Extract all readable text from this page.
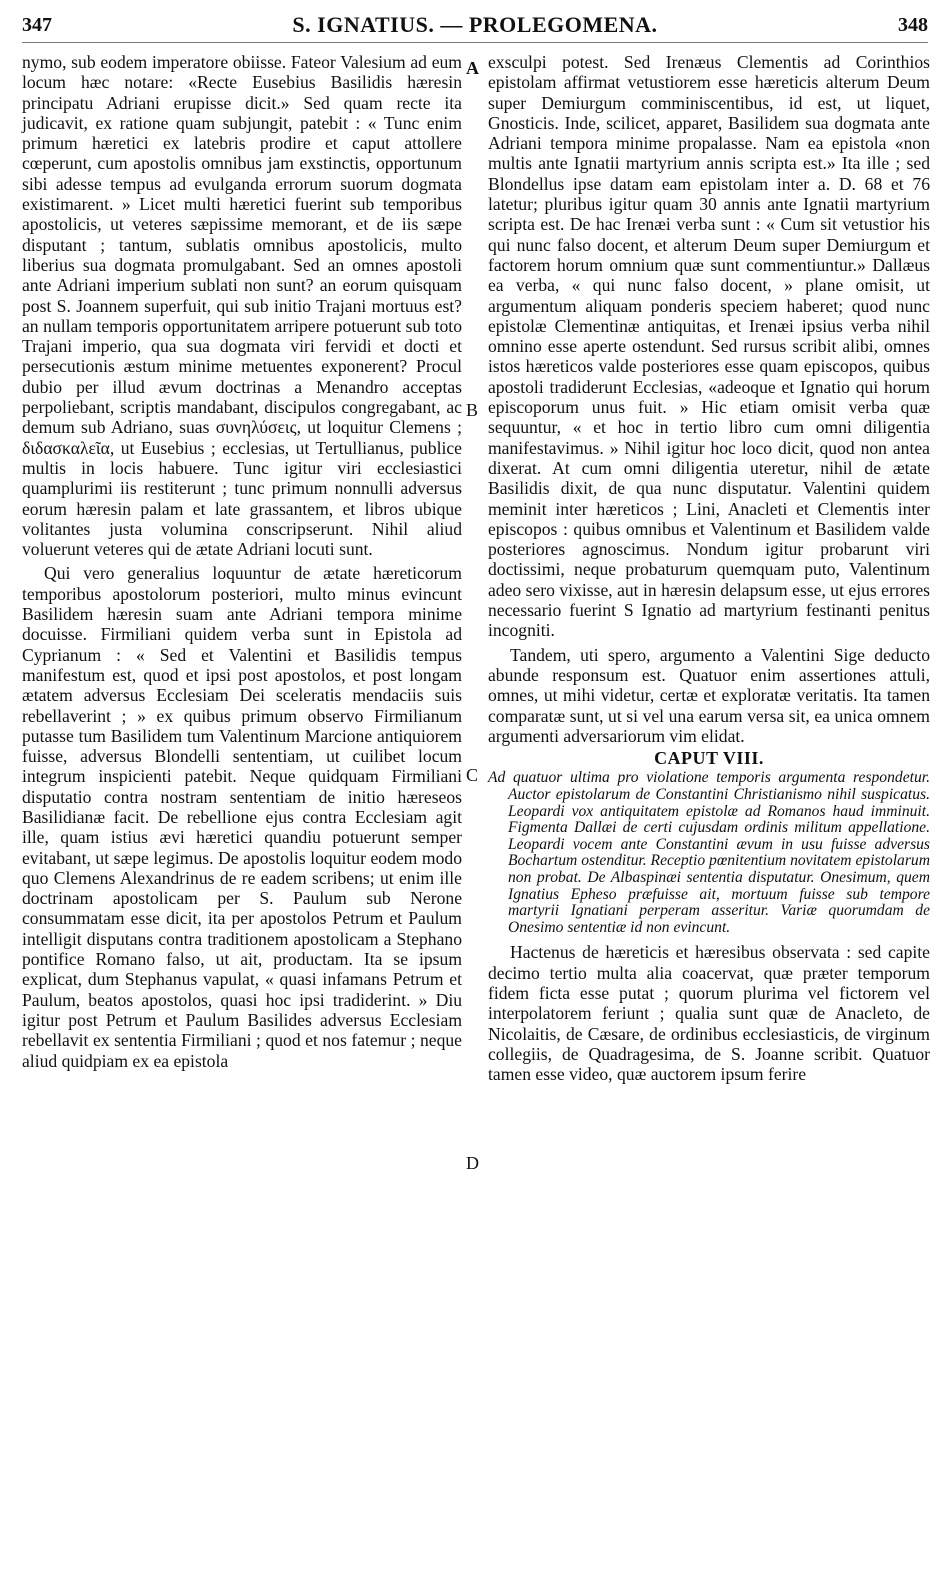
347	S. IGNATIUS. — PROLEGOMENA.	348
A
B
C
D

nymo, sub eodem imperatore obiisse. Fateor Valesium ad eum locum hæc notare: «Recte Eusebius Basilidis hæresin principatu Adriani erupisse dicit.» Sed quam recte ita judicavit, ex ratione quam subjungit, patebit : « Tunc enim primum hæretici ex latebris prodire et caput attollere cœperunt, cum apostolis omnibus jam exstinctis, opportunum sibi adesse tempus ad evulganda errorum suorum dogmata existimarent. » Licet multi hæretici fuerint sub temporibus apostolicis, ut veteres sæpissime memorant, et de iis sæpe disputant ; tantum, sublatis omnibus apostolicis, multo liberius sua dogmata promulgabant. Sed an omnes apostoli ante Adriani imperium sublati non sunt? an eorum quisquam post S. Joannem superfuit, qui sub initio Trajani mortuus est? an nullam temporis opportunitatem arripere potuerunt sub toto Trajani imperio, qua sua dogmata viri fervidi et docti et persecutionis æstum minime metuentes exponerent? Procul dubio per illud ævum doctrinas a Menandro acceptas perpoliebant, scriptis mandabant, discipulos congregabant, ac demum sub Adriano, suas συνηλύσεις, ut loquitur Clemens ; διδασκαλεῖα, ut Eusebius ; ecclesias, ut Tertullianus, publice multis in locis habuere. Tunc igitur viri ecclesiastici quamplurimi iis restiterunt ; tunc primum nonnulli adversus eorum hæresin palam et late grassantem, et libros ubique volitantes justa volumina conscripserunt. Nihil aliud voluerunt veteres qui de ætate Adriani locuti sunt.

Qui vero generalius loquuntur de ætate hæreticorum temporibus apostolorum posteriori, multo minus evincunt Basilidem hæresin suam ante Adriani tempora minime docuisse. Firmiliani quidem verba sunt in Epistola ad Cyprianum : « Sed et Valentini et Basilidis tempus manifestum est, quod et ipsi post apostolos, et post longam ætatem adversus Ecclesiam Dei sceleratis mendaciis suis rebellaverint ; » ex quibus primum observo Firmilianum putasse tum Basilidem tum Valentinum Marcione antiquiorem fuisse, adversus Blondelli sententiam, ut cuilibet locum integrum inspicienti patebit. Neque quidquam Firmiliani disputatio contra nostram sententiam de initio hæreseos Basilidianæ facit. De rebellione ejus contra Ecclesiam agit ille, quam istius ævi hæretici quandiu potuerunt semper evitabant, ut sæpe legimus. De apostolis loquitur eodem modo quo Clemens Alexandrinus de re eadem scribens; ut enim ille doctrinam apostolicam per S. Paulum sub Nerone consummatam esse dicit, ita per apostolos Petrum et Paulum intelligit disputans contra traditionem apostolicam a Stephano pontifice Romano falso, ut ait, productam. Ita se ipsum explicat, dum Stephanus vapulat, « quasi infamans Petrum et Paulum, beatos apostolos, quasi hoc ipsi tradiderint. » Diu igitur post Petrum et Paulum Basilides adversus Ecclesiam rebellavit ex sententia Firmiliani ; quod et nos fatemur ; neque aliud quidpiam ex ea epistola

exsculpi potest. Sed Irenæus Clementis ad Corinthios epistolam affirmat vetustiorem esse hæreticis alterum Deum super Demiurgum comminiscentibus, id est, ut liquet, Gnosticis. Inde, scilicet, apparet, Basilidem sua dogmata ante Adriani tempora minime propalasse. Nam ea epistola «non multis ante Ignatii martyrium annis scripta est.» Ita ille ; sed Blondellus ipse datam eam epistolam inter a. D. 68 et 76 latetur; pluribus igitur quam 30 annis ante Ignatii martyrium scripta est. De hac Irenæi verba sunt : « Cum sit vetustior his qui nunc falso docent, et alterum Deum super Demiurgum et factorem horum omnium quæ sunt commentiuntur.» Dallæus ea verba, « qui nunc falso docent, » plane omisit, ut argumentum aliquam ponderis speciem haberet; quod nunc epistolæ Clementinæ antiquitas, et Irenæi ipsius verba nihil omnino esse aperte ostendunt. Sed rursus scribit alibi, omnes istos hæreticos valde posteriores esse quam episcopos, quibus apostoli tradiderunt Ecclesias, «adeoque et Ignatio qui horum episcoporum unus fuit. » Hic etiam omisit verba quæ sequuntur, « et hoc in tertio libro cum omni diligentia manifestavimus. » Nihil igitur hoc loco dicit, quod non antea dixerat. At cum omni diligentia uteretur, nihil de ætate Basilidis dixit, de qua nunc disputatur. Valentini quidem meminit inter hæreticos ; Lini, Anacleti et Clementis inter episcopos : quibus omnibus et Valentinum et Basilidem valde posteriores agnoscimus. Nondum igitur probarunt viri doctissimi, neque probaturum quemquam puto, Valentinum adeo sero vixisse, aut in hæresin delapsum esse, ut ejus errores necessario fuerint S Ignatio ad martyrium festinanti penitus incogniti.

Tandem, uti spero, argumento a Valentini Sige deducto abunde responsum est. Quatuor enim assertiones attuli, omnes, ut mihi videtur, certæ et exploratæ veritatis. Ita tamen comparatæ sunt, ut si vel una earum versa sit, ea unica omnem argumenti adversariorum vim elidat.

CAPUT VIII.
Ad quatuor ultima pro violatione temporis argumenta respondetur. Auctor epistolarum de Constantini Christianismo nihil suspicatus. Leopardi vox antiquitatem epistolæ ad Romanos haud imminuit. Figmenta Dallæi de certi cujusdam ordinis militum appellatione. Leopardi vocem ante Constantini ævum in usu fuisse adversus Bochartum ostenditur. Receptio pœnitentium novitatem epistolarum non probat. De Albaspinæi sententia disputatur. Onesimum, quem Ignatius Epheso præfuisse ait, mortuum fuisse sub tempore martyrii Ignatiani perperam asseritur. Variæ quorumdam de Onesimo sententiæ id non evincunt.

Hactenus de hæreticis et hæresibus observata : sed capite decimo tertio multa alia coacervat, quæ præter temporum fidem ficta esse putat ; quorum plurima vel fictorem vel interpolatorem feriunt ; qualia sunt quæ de Anacleto, de Nicolaitis, de Cæsare, de ordinibus ecclesiasticis, de virginum collegiis, de Quadragesima, de S. Joanne scribit. Quatuor tamen esse video, quæ auctorem ipsum ferire
